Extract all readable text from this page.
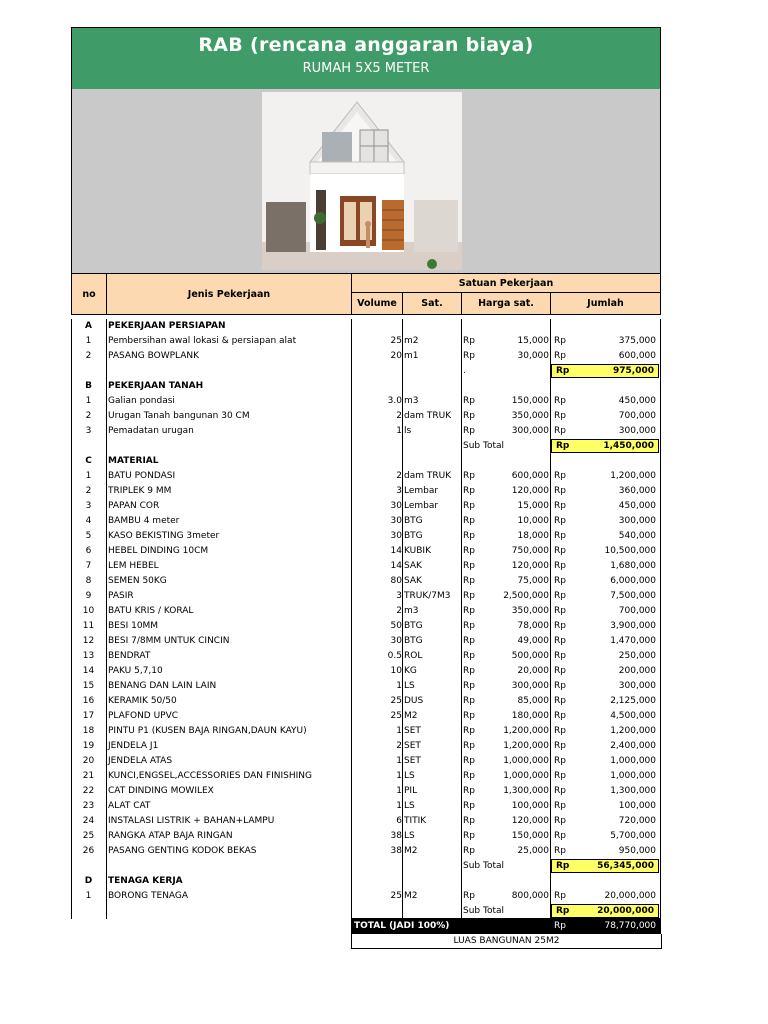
RAB (rencana anggaran biaya)
RUMAH 5X5 METER
no	Jenis Pekerjaan
Satuan Pekerjaan
Volume	Sat.	Harga sat.	Jumlah
A	PEKERJAAN PERSIAPAN
1	Pembersihan awal lokasi & persiapan alat	25 m2	Rp	15,000 Rp	375,000
2	PASANG BOWPLANK	20 m1	Rp	30,000 Rp	600,000
.	Rp	975,000
B	PEKERJAAN TANAH
1	Galian pondasi	3.0 m3	Rp	150,000 Rp	450,000
2	Urugan Tanah bangunan 30 CM	2 dam TRUK Rp	350,000 Rp	700,000
3	Pemadatan urugan	1 ls	Rp	300,000 Rp	300,000
Sub Total	Rp	1,450,000
C	MATERIAL
1	BATU PONDASI	2 dam TRUK Rp	600,000 Rp	1,200,000
2	TRIPLEK 9 MM	3 Lembar	Rp	120,000 Rp	360,000
3	PAPAN COR	30 Lembar	Rp	15,000 Rp	450,000
4	BAMBU 4 meter	30 BTG	Rp	10,000 Rp	300,000
5	KASO BEKISTING 3meter	30 BTG	Rp	18,000 Rp	540,000
6	HEBEL DINDING 10CM	14 KUBIK	Rp	750,000 Rp	10,500,000
7	LEM HEBEL	14 SAK	Rp	120,000 Rp	1,680,000
8	SEMEN 50KG	80 SAK	Rp	75,000 Rp	6,000,000
9	PASIR	3 TRUK/7M3 Rp	2,500,000 Rp	7,500,000
10	BATU KRIS / KORAL	2 m3	Rp	350,000 Rp	700,000
11	BESI 10MM	50 BTG	Rp	78,000 Rp	3,900,000
12	BESI 7/8MM UNTUK CINCIN	30 BTG	Rp	49,000 Rp	1,470,000
13	BENDRAT	0.5 ROL	Rp	500,000 Rp	250,000
14	PAKU 5,7,10	10 KG	Rp	20,000 Rp	200,000
15	BENANG DAN LAIN LAIN	1 LS	Rp	300,000 Rp	300,000
16	KERAMIK 50/50	25 DUS	Rp	85,000 Rp	2,125,000
17	PLAFOND UPVC	25 M2	Rp	180,000 Rp	4,500,000
18	PINTU P1 (KUSEN BAJA RINGAN,DAUN KAYU)	1 SET	Rp	1,200,000 Rp	1,200,000
19	JENDELA J1	2 SET	Rp	1,200,000 Rp	2,400,000
20	JENDELA ATAS	1 SET	Rp	1,000,000 Rp	1,000,000
21	KUNCI,ENGSEL,ACCESSORIES DAN FINISHING	1 LS	Rp	1,000,000 Rp	1,000,000
22	CAT DINDING MOWILEX	1 PIL	Rp	1,300,000 Rp	1,300,000
23	ALAT CAT	1 LS	Rp	100,000 Rp	100,000
24	INSTALASI LISTRIK + BAHAN+LAMPU	6 TITIK	Rp	120,000 Rp	720,000
25	RANGKA ATAP BAJA RINGAN	38 LS	Rp	150,000 Rp	5,700,000
26	PASANG GENTING KODOK BEKAS	38 M2	Rp	25,000 Rp	950,000
Sub Total	Rp	56,345,000
D	TENAGA KERJA
1	BORONG TENAGA	25 M2	Rp	800,000 Rp	20,000,000
Sub Total	Rp	20,000,000
TOTAL (JADI 100%)	Rp	78,770,000
LUAS BANGUNAN 25M2
